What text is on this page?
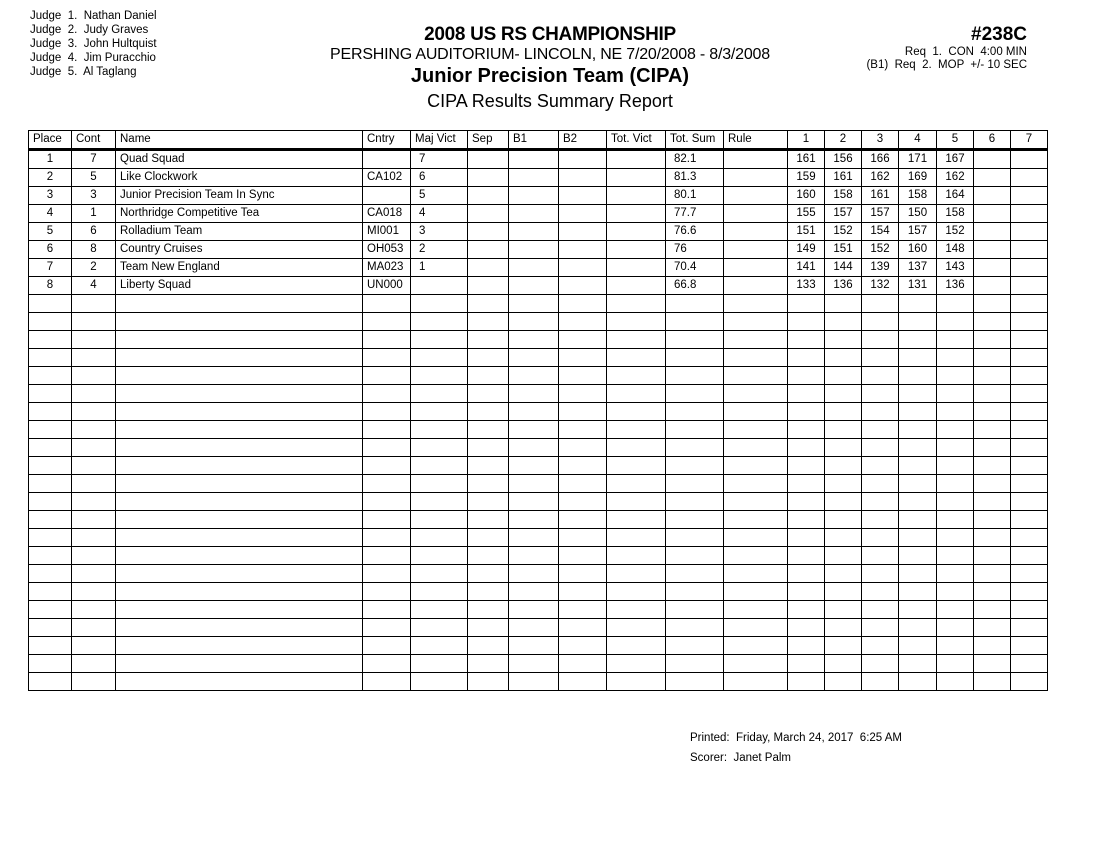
Judge  1.  Nathan Daniel
Judge  2.  Judy Graves
Judge  3.  John Hultquist
Judge  4.  Jim Puracchio
Judge  5.  Al Taglang
2008 US RS CHAMPIONSHIP
PERSHING AUDITORIUM- LINCOLN, NE 7/20/2008 - 8/3/2008
Junior Precision Team (CIPA)
CIPA Results Summary Report
#238C
Req  1.  CON  4:00 MIN
(B1)  Req  2.  MOP  +/- 10 SEC
Place	Cont	Name	Cntry	Maj Vict	Sep	B1	B2	Tot. Vict	Tot. Sum	Rule	1	2	3	4	5	6	7
1	7	Quad Squad		7					82.1		161	156	166	171	167		
2	5	Like Clockwork	CA102	6					81.3		159	161	162	169	162		
3	3	Junior Precision Team In Sync		5					80.1		160	158	161	158	164		
4	1	Northridge Competitive Tea	CA018	4					77.7		155	157	157	150	158		
5	6	Rolladium Team	MI001	3					76.6		151	152	154	157	152		
6	8	Country Cruises	OH053	2					76		149	151	152	160	148		
7	2	Team New England	MA023	1					70.4		141	144	139	137	143		
8	4	Liberty Squad	UN000						66.8		133	136	132	131	136		

Printed:  Friday, March 24, 2017  6:25 AM
Scorer:  Janet Palm
